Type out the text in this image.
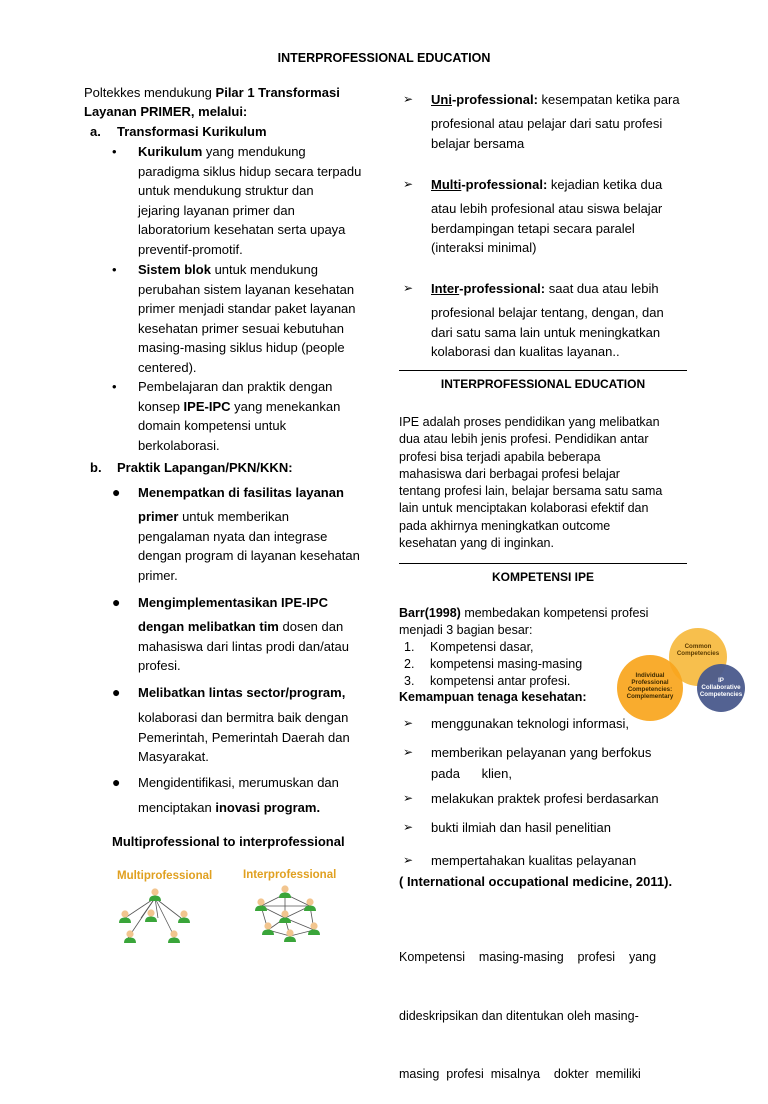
INTERPROFESSIONAL EDUCATION
Poltekkes mendukung Pilar 1 Transformasi
Layanan PRIMER, melalui:
a. Transformasi Kurikulum
• Kurikulum yang mendukung
paradigma siklus hidup secara terpadu
untuk mendukung struktur dan
jejaring layanan primer dan
laboratorium kesehatan serta upaya
preventif-promotif.
• Sistem blok untuk mendukung
perubahan sistem layanan kesehatan
primer menjadi standar paket layanan
kesehatan primer sesuai kebutuhan
masing-masing siklus hidup (people
centered).
• Pembelajaran dan praktik dengan
konsep IPE-IPC yang menekankan
domain kompetensi untuk
berkolaborasi.
b. Praktik Lapangan/PKN/KKN:
● Menempatkan di fasilitas layanan
primer untuk memberikan
pengalaman nyata dan integrase
dengan program di layanan kesehatan
primer.
● Mengimplementasikan IPE-IPC
dengan melibatkan tim dosen dan
mahasiswa dari lintas prodi dan/atau
profesi.
● Melibatkan lintas sector/program,
kolaborasi dan bermitra baik dengan
Pemerintah, Pemerintah Daerah dan
Masyarakat.
● Mengidentifikasi, merumuskan dan
menciptakan inovasi program.
Multiprofessional to interprofessional
Multiprofessional	Interprofessional
➢ Uni-professional: kesempatan ketika para
profesional atau pelajar dari satu profesi
belajar bersama
➢ Multi-professional: kejadian ketika dua
atau lebih profesional atau siswa belajar
berdampingan tetapi secara paralel
(interaksi minimal)
➢ Inter-professional: saat dua atau lebih
profesional belajar tentang, dengan, dan
dari satu sama lain untuk meningkatkan
kolaborasi dan kualitas layanan..
INTERPROFESSIONAL EDUCATION
IPE adalah proses pendidikan yang melibatkan
dua atau lebih jenis profesi. Pendidikan antar
profesi bisa terjadi apabila beberapa
mahasiswa dari berbagai profesi belajar
tentang profesi lain, belajar bersama satu sama
lain untuk menciptakan kolaborasi efektif dan
pada akhirnya meningkatkan outcome
kesehatan yang di inginkan.
KOMPETENSI IPE
Barr(1998) membedakan kompetensi profesi
menjadi 3 bagian besar:
1. Kompetensi dasar,
2. kompetensi masing-masing
3. kompetensi antar profesi.
Kemampuan tenaga kesehatan:
Common
Competencies
Individual
Professional
Competencies:
Complementary
IP
Collaborative
Competencies
➢ menggunakan teknologi informasi,
➢ memberikan pelayanan yang berfokus
pada      klien,
➢ melakukan praktek profesi berdasarkan
➢ bukti ilmiah dan hasil penelitian
➢ mempertahakan kualitas pelayanan
( International occupational medicine, 2011).

Kompetensi    masing-masing    profesi    yang

dideskripsikan dan ditentukan oleh masing-

masing  profesi  misalnya    dokter  memiliki
